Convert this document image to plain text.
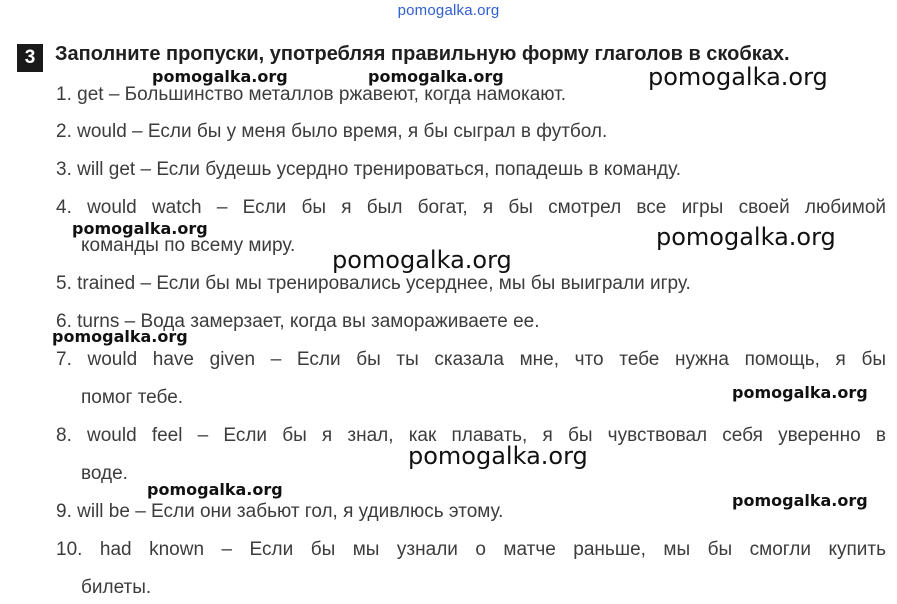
pomogalka.org
3 Заполните пропуски, употребляя правильную форму глаголов в скобках.
1. get – Большинство металлов ржавеют, когда намокают.
2. would – Если бы у меня было время, я бы сыграл в футбол.
3. will get – Если будешь усердно тренироваться, попадешь в команду.
4. would watch – Если бы я был богат, я бы смотрел все игры своей любимой
команды по всему миру.
5. trained – Если бы мы тренировались усерднее, мы бы выиграли игру.
6. turns – Вода замерзает, когда вы замораживаете ее.
7. would have given – Если бы ты сказала мне, что тебе нужна помощь, я бы
помог тебе.
8. would feel – Если бы я знал, как плавать, я бы чувствовал себя уверенно в
воде.
9. will be – Если они забьют гол, я удивлюсь этому.
10. had known – Если бы мы узнали о матче раньше, мы бы смогли купить
билеты.
pomogalka.org	pomogalka.org	pomogalka.org
pomogalka.org	pomogalka.org
pomogalka.org
pomogalka.org
pomogalka.org
pomogalka.org
pomogalka.org
pomogalka.org
